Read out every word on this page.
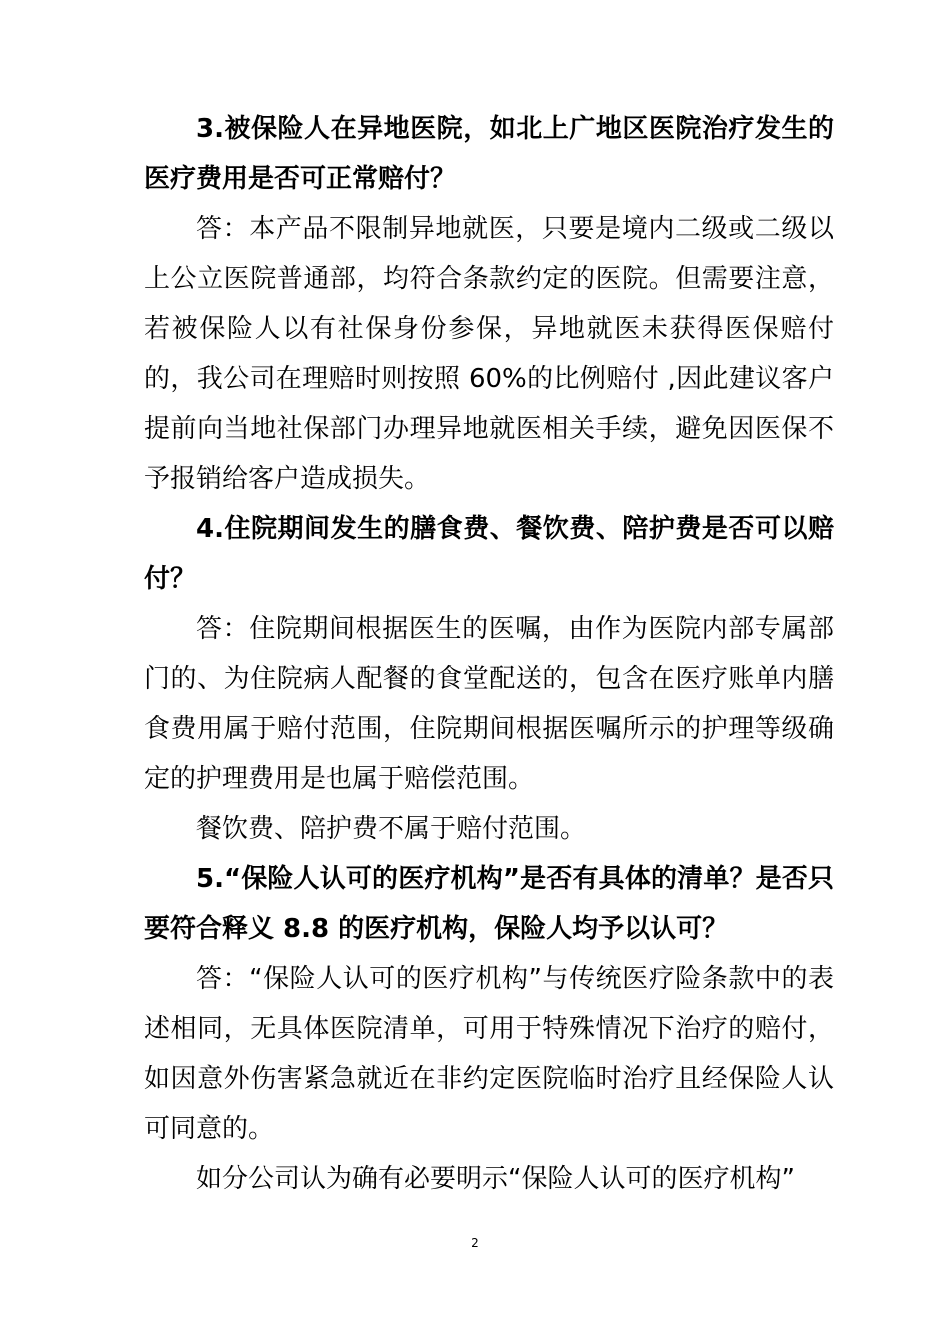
3.被保险人在异地医院，如北上广地区医院治疗发生的医疗费用是否可正常赔付？

答：本产品不限制异地就医，只要是境内二级或二级以上公立医院普通部，均符合条款约定的医院。但需要注意，若被保险人以有社保身份参保，异地就医未获得医保赔付的，我公司在理赔时则按照 60%的比例赔付 ,因此建议客户提前向当地社保部门办理异地就医相关手续，避免因医保不予报销给客户造成损失。

4.住院期间发生的膳食费、餐饮费、陪护费是否可以赔付？

答：住院期间根据医生的医嘱，由作为医院内部专属部门的、为住院病人配餐的食堂配送的，包含在医疗账单内膳食费用属于赔付范围，住院期间根据医嘱所示的护理等级确定的护理费用是也属于赔偿范围。

餐饮费、陪护费不属于赔付范围。

5.“保险人认可的医疗机构”是否有具体的清单？是否只要符合释义 8.8 的医疗机构，保险人均予以认可？

答：“保险人认可的医疗机构”与传统医疗险条款中的表述相同，无具体医院清单，可用于特殊情况下治疗的赔付，如因意外伤害紧急就近在非约定医院临时治疗且经保险人认可同意的。

如分公司认为确有必要明示“保险人认可的医疗机构”

2
